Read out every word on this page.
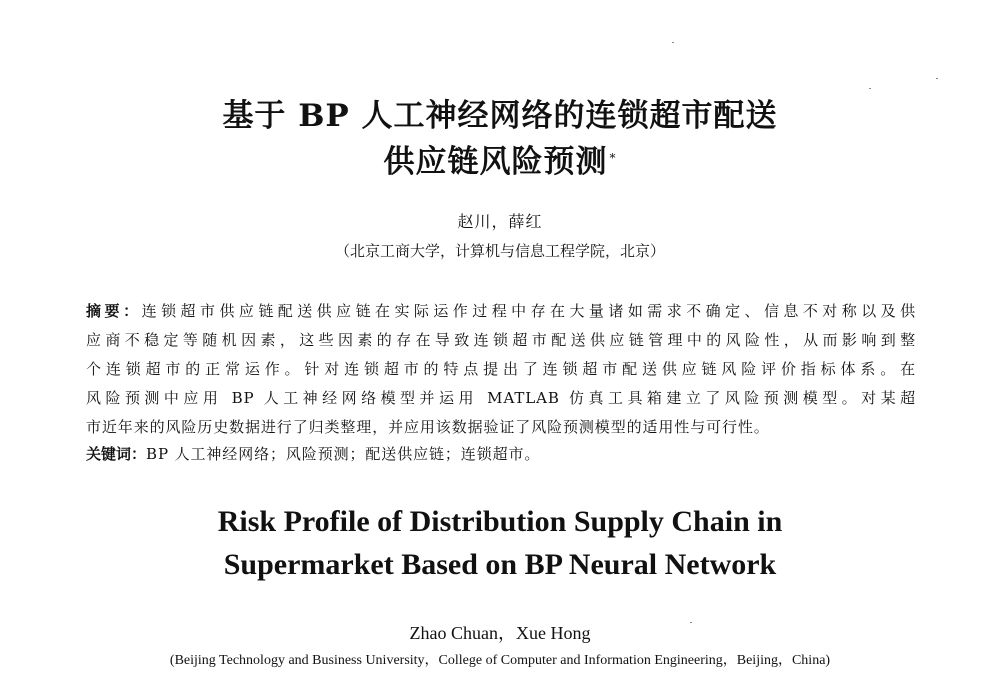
基于 BP 人工神经网络的连锁超市配送
供应链风险预测 *
赵川，薛红
（北京工商大学，计算机与信息工程学院，北京）
摘要：连锁超市供应链配送供应链在实际运作过程中存在大量诸如需求不确定、信息不对称以及供
应商不稳定等随机因素，这些因素的存在导致连锁超市配送供应链管理中的风险性，从而影响到整
个连锁超市的正常运作。针对连锁超市的特点提出了连锁超市配送供应链风险评价指标体系。在
风险预测中应用 BP 人工神经网络模型并运用 MATLAB 仿真工具箱建立了风险预测模型。对某超
市近年来的风险历史数据进行了归类整理，并应用该数据验证了风险预测模型的适用性与可行性。
关键词：BP 人工神经网络；风险预测；配送供应链；连锁超市。
Risk Profile of Distribution Supply Chain in
Supermarket Based on BP Neural Network
Zhao Chuan，Xue Hong
(Beijing Technology and Business University，College of Computer and Information Engineering，Beijing，China)
